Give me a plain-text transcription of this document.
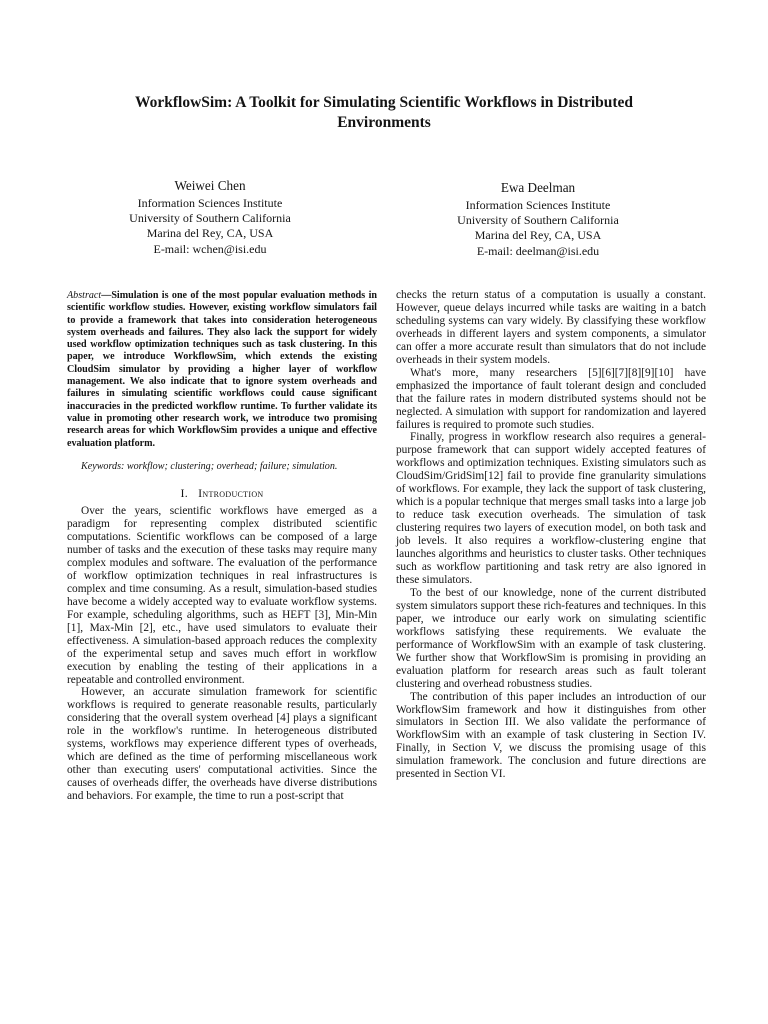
WorkflowSim: A Toolkit for Simulating Scientific Workflows in Distributed
Environments
Weiwei Chen
Information Sciences Institute
University of Southern California
Marina del Rey, CA, USA
E-mail: wchen@isi.edu
Ewa Deelman
Information Sciences Institute
University of Southern California
Marina del Rey, CA, USA
E-mail: deelman@isi.edu
Abstract—Simulation is one of the most popular evaluation methods in scientific workflow studies. However, existing workflow simulators fail to provide a framework that takes into consideration heterogeneous system overheads and failures. They also lack the support for widely used workflow optimization techniques such as task clustering. In this paper, we introduce WorkflowSim, which extends the existing CloudSim simulator by providing a higher layer of workflow management. We also indicate that to ignore system overheads and failures in simulating scientific workflows could cause significant inaccuracies in the predicted workflow runtime. To further validate its value in promoting other research work, we introduce two promising research areas for which WorkflowSim provides a unique and effective evaluation platform.
Keywords: workflow; clustering; overhead; failure; simulation.
I. Introduction
Over the years, scientific workflows have emerged as a paradigm for representing complex distributed scientific computations. Scientific workflows can be composed of a large number of tasks and the execution of these tasks may require many complex modules and software. The evaluation of the performance of workflow optimization techniques in real infrastructures is complex and time consuming. As a result, simulation-based studies have become a widely accepted way to evaluate workflow systems. For example, scheduling algorithms, such as HEFT [3], Min-Min [1], Max-Min [2], etc., have used simulators to evaluate their effectiveness. A simulation-based approach reduces the complexity of the experimental setup and saves much effort in workflow execution by enabling the testing of their applications in a repeatable and controlled environment.
However, an accurate simulation framework for scientific workflows is required to generate reasonable results, particularly considering that the overall system overhead [4] plays a significant role in the workflow's runtime. In heterogeneous distributed systems, workflows may experience different types of overheads, which are defined as the time of performing miscellaneous work other than executing users' computational activities. Since the causes of overheads differ, the overheads have diverse distributions and behaviors. For example, the time to run a post-script that
checks the return status of a computation is usually a constant. However, queue delays incurred while tasks are waiting in a batch scheduling systems can vary widely. By classifying these workflow overheads in different layers and system components, a simulator can offer a more accurate result than simulators that do not include overheads in their system models.
What's more, many researchers [5][6][7][8][9][10] have emphasized the importance of fault tolerant design and concluded that the failure rates in modern distributed systems should not be neglected. A simulation with support for randomization and layered failures is required to promote such studies.
Finally, progress in workflow research also requires a general-purpose framework that can support widely accepted features of workflows and optimization techniques. Existing simulators such as CloudSim/GridSim[12] fail to provide fine granularity simulations of workflows. For example, they lack the support of task clustering, which is a popular technique that merges small tasks into a large job to reduce task execution overheads. The simulation of task clustering requires two layers of execution model, on both task and job levels. It also requires a workflow-clustering engine that launches algorithms and heuristics to cluster tasks. Other techniques such as workflow partitioning and task retry are also ignored in these simulators.
To the best of our knowledge, none of the current distributed system simulators support these rich-features and techniques. In this paper, we introduce our early work on simulating scientific workflows satisfying these requirements. We evaluate the performance of WorkflowSim with an example of task clustering. We further show that WorkflowSim is promising in providing an evaluation platform for research areas such as fault tolerant clustering and overhead robustness studies.
The contribution of this paper includes an introduction of our WorkflowSim framework and how it distinguishes from other simulators in Section III. We also validate the performance of WorkflowSim with an example of task clustering in Section IV. Finally, in Section V, we discuss the promising usage of this simulation framework. The conclusion and future directions are presented in Section VI.
